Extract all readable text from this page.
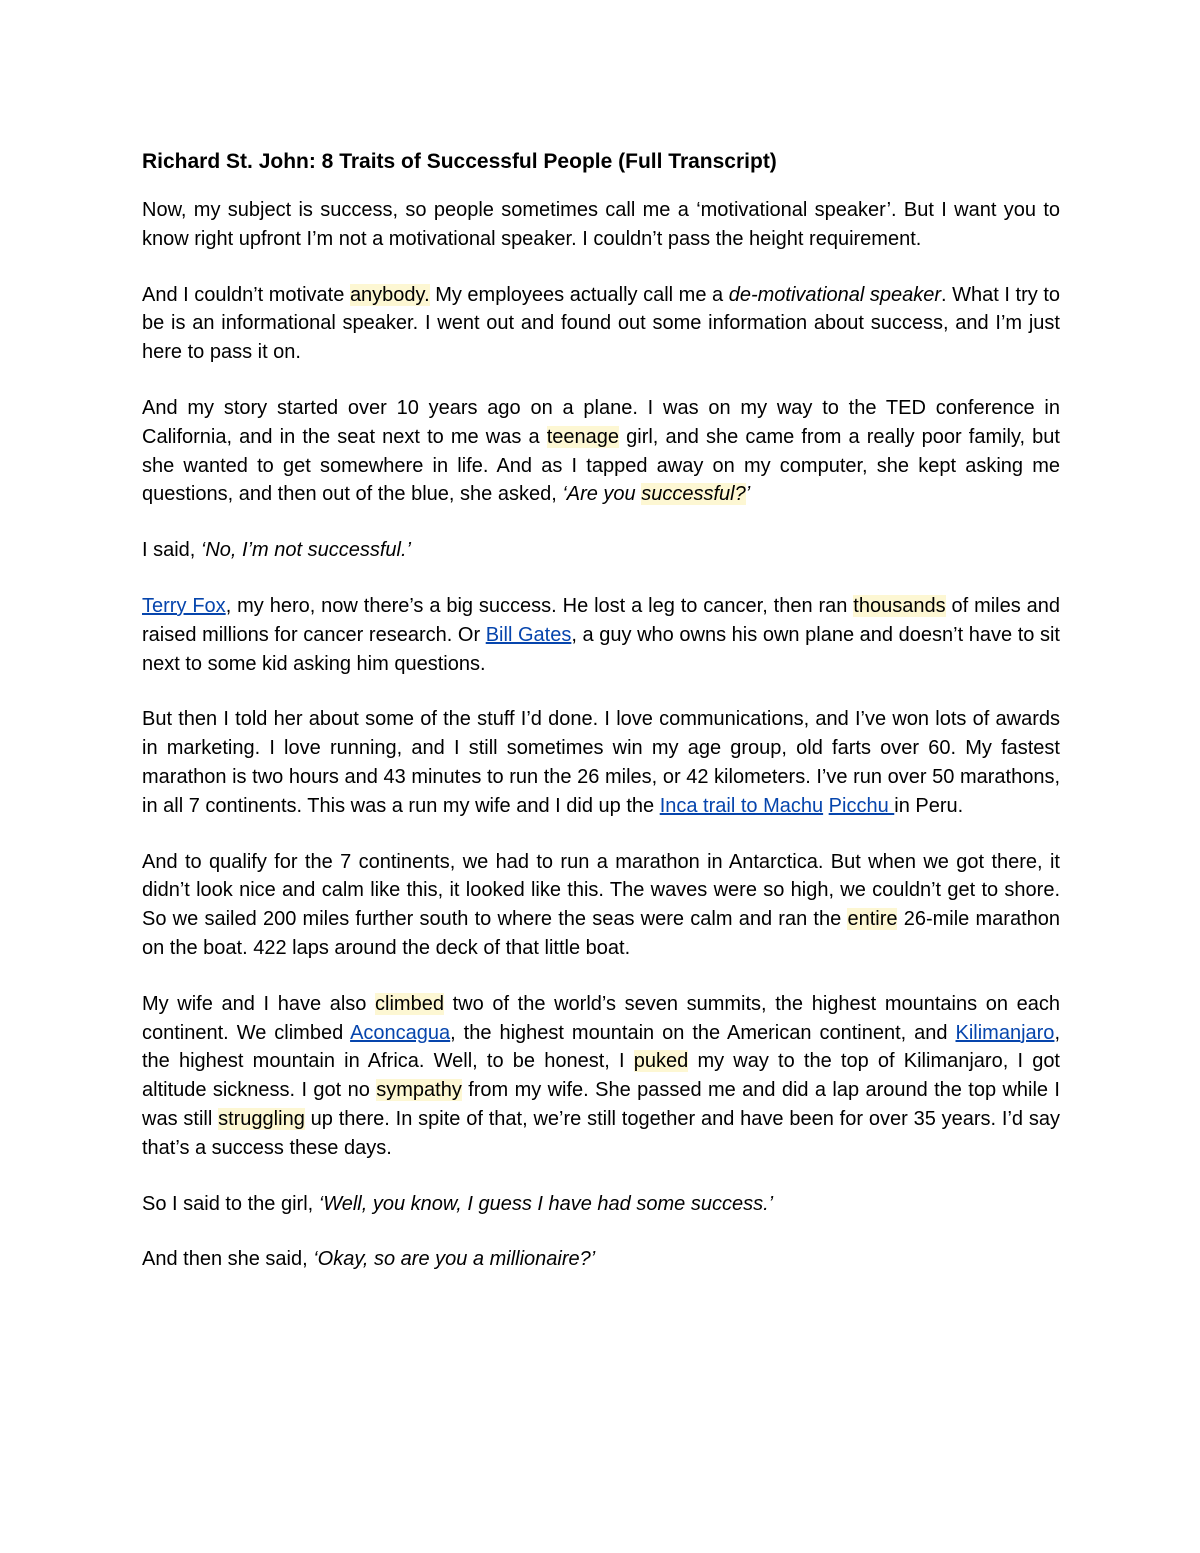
Richard St. John: 8 Traits of Successful People (Full Transcript)

Now, my subject is success, so people sometimes call me a ‘motivational speaker’. But I want you to know right upfront I’m not a motivational speaker. I couldn’t pass the height requirement.

And I couldn’t motivate anybody. My employees actually call me a de-motivational speaker. What I try to be is an informational speaker. I went out and found out some information about success, and I’m just here to pass it on.

And my story started over 10 years ago on a plane. I was on my way to the TED conference in California, and in the seat next to me was a teenage girl, and she came from a really poor family, but she wanted to get somewhere in life. And as I tapped away on my computer, she kept asking me questions, and then out of the blue, she asked, ‘Are you successful?’

I said, ‘No, I’m not successful.’

Terry Fox, my hero, now there’s a big success. He lost a leg to cancer, then ran thousands of miles and raised millions for cancer research. Or Bill Gates, a guy who owns his own plane and doesn’t have to sit next to some kid asking him questions.

But then I told her about some of the stuff I’d done. I love communications, and I’ve won lots of awards in marketing. I love running, and I still sometimes win my age group, old farts over 60. My fastest marathon is two hours and 43 minutes to run the 26 miles, or 42 kilometers. I’ve run over 50 marathons, in all 7 continents. This was a run my wife and I did up the Inca trail to Machu Picchu in Peru.

And to qualify for the 7 continents, we had to run a marathon in Antarctica. But when we got there, it didn’t look nice and calm like this, it looked like this. The waves were so high, we couldn’t get to shore. So we sailed 200 miles further south to where the seas were calm and ran the entire 26-mile marathon on the boat. 422 laps around the deck of that little boat.

My wife and I have also climbed two of the world’s seven summits, the highest mountains on each continent. We climbed Aconcagua, the highest mountain on the American continent, and Kilimanjaro, the highest mountain in Africa. Well, to be honest, I puked my way to the top of Kilimanjaro, I got altitude sickness. I got no sympathy from my wife. She passed me and did a lap around the top while I was still struggling up there. In spite of that, we’re still together and have been for over 35 years. I’d say that’s a success these days.

So I said to the girl, ‘Well, you know, I guess I have had some success.’

And then she said, ‘Okay, so are you a millionaire?’
